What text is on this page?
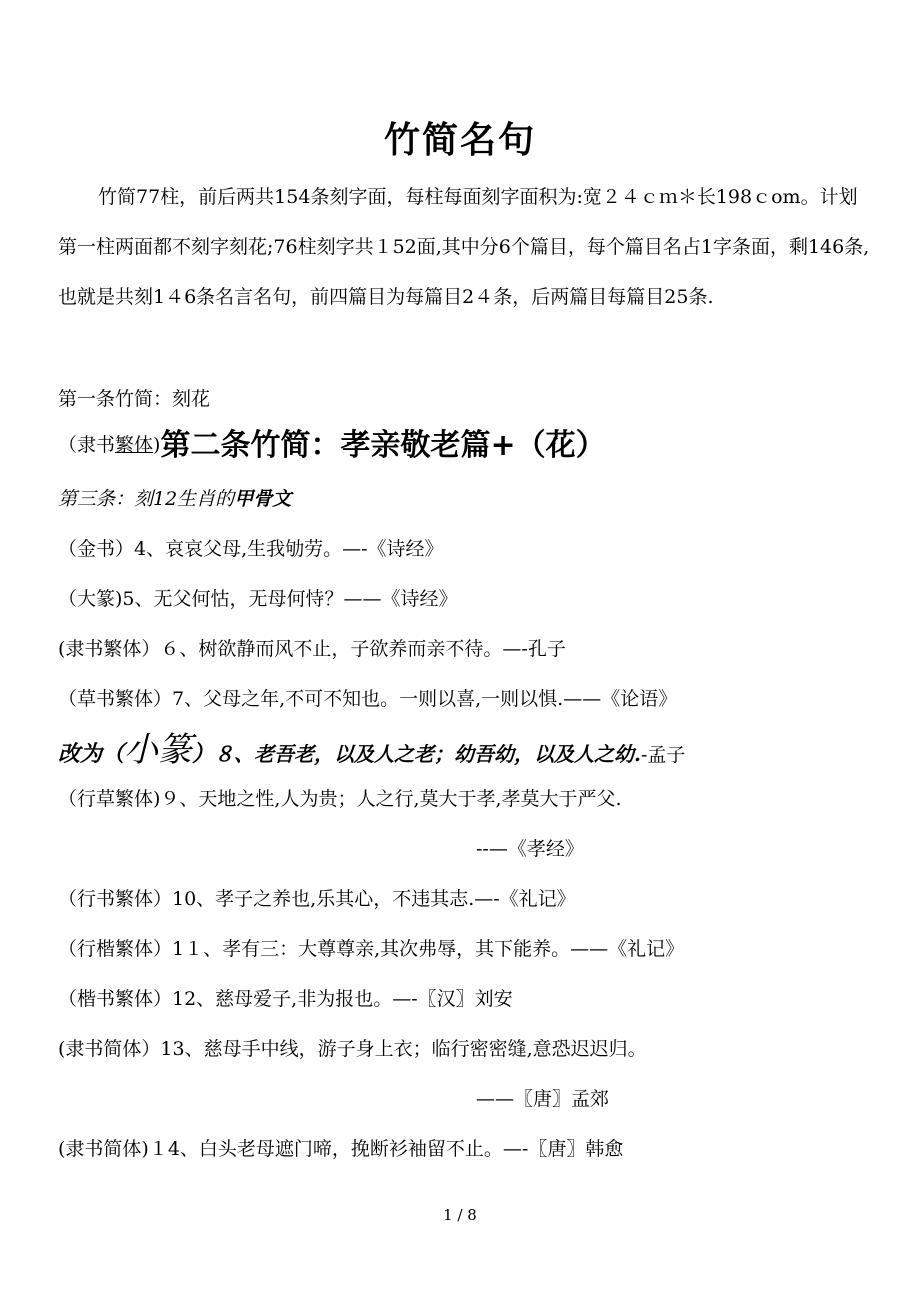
竹简名句
竹简77柱，前后两共154条刻字面，每柱每面刻字面积为:宽２４ｃｍ＊长198ｃom。计划第一柱两面都不刻字刻花;76柱刻字共１52面,其中分6个篇目，每个篇目名占1字条面，剩146条,也就是共刻1４6条名言名句，前四篇目为每篇目2４条，后两篇目每篇目25条.
第一条竹简：刻花
（隶书繁体)第二条竹简：孝亲敬老篇+（花）
第三条：刻12生肖的甲骨文
（金书）4、哀哀父母,生我劬劳。—-《诗经》
（大篆)5、无父何怙，无母何恃？——《诗经》
(隶书繁体）６、树欲静而风不止，子欲养而亲不待。—-孔子
（草书繁体）7、父母之年,不可不知也。一则以喜,一则以惧.——《论语》
改为（小篆）８、老吾老，以及人之老；幼吾幼，以及人之幼.-孟子
（行草繁体)９、天地之性,人为贵；人之行,莫大于孝,孝莫大于严父.
--—《孝经》
（行书繁体）10、孝子之养也,乐其心，不违其志.—-《礼记》
（行楷繁体）1１、孝有三：大尊尊亲,其次弗辱，其下能养。——《礼记》
（楷书繁体）12、慈母爱子,非为报也。—-〖汉〗刘安
(隶书简体）13、慈母手中线，游子身上衣；临行密密缝,意恐迟迟归。
——〖唐〗孟郊
(隶书简体)１4、白头老母遮门啼，挽断衫袖留不止。—-〖唐〗韩愈
1 / 8
